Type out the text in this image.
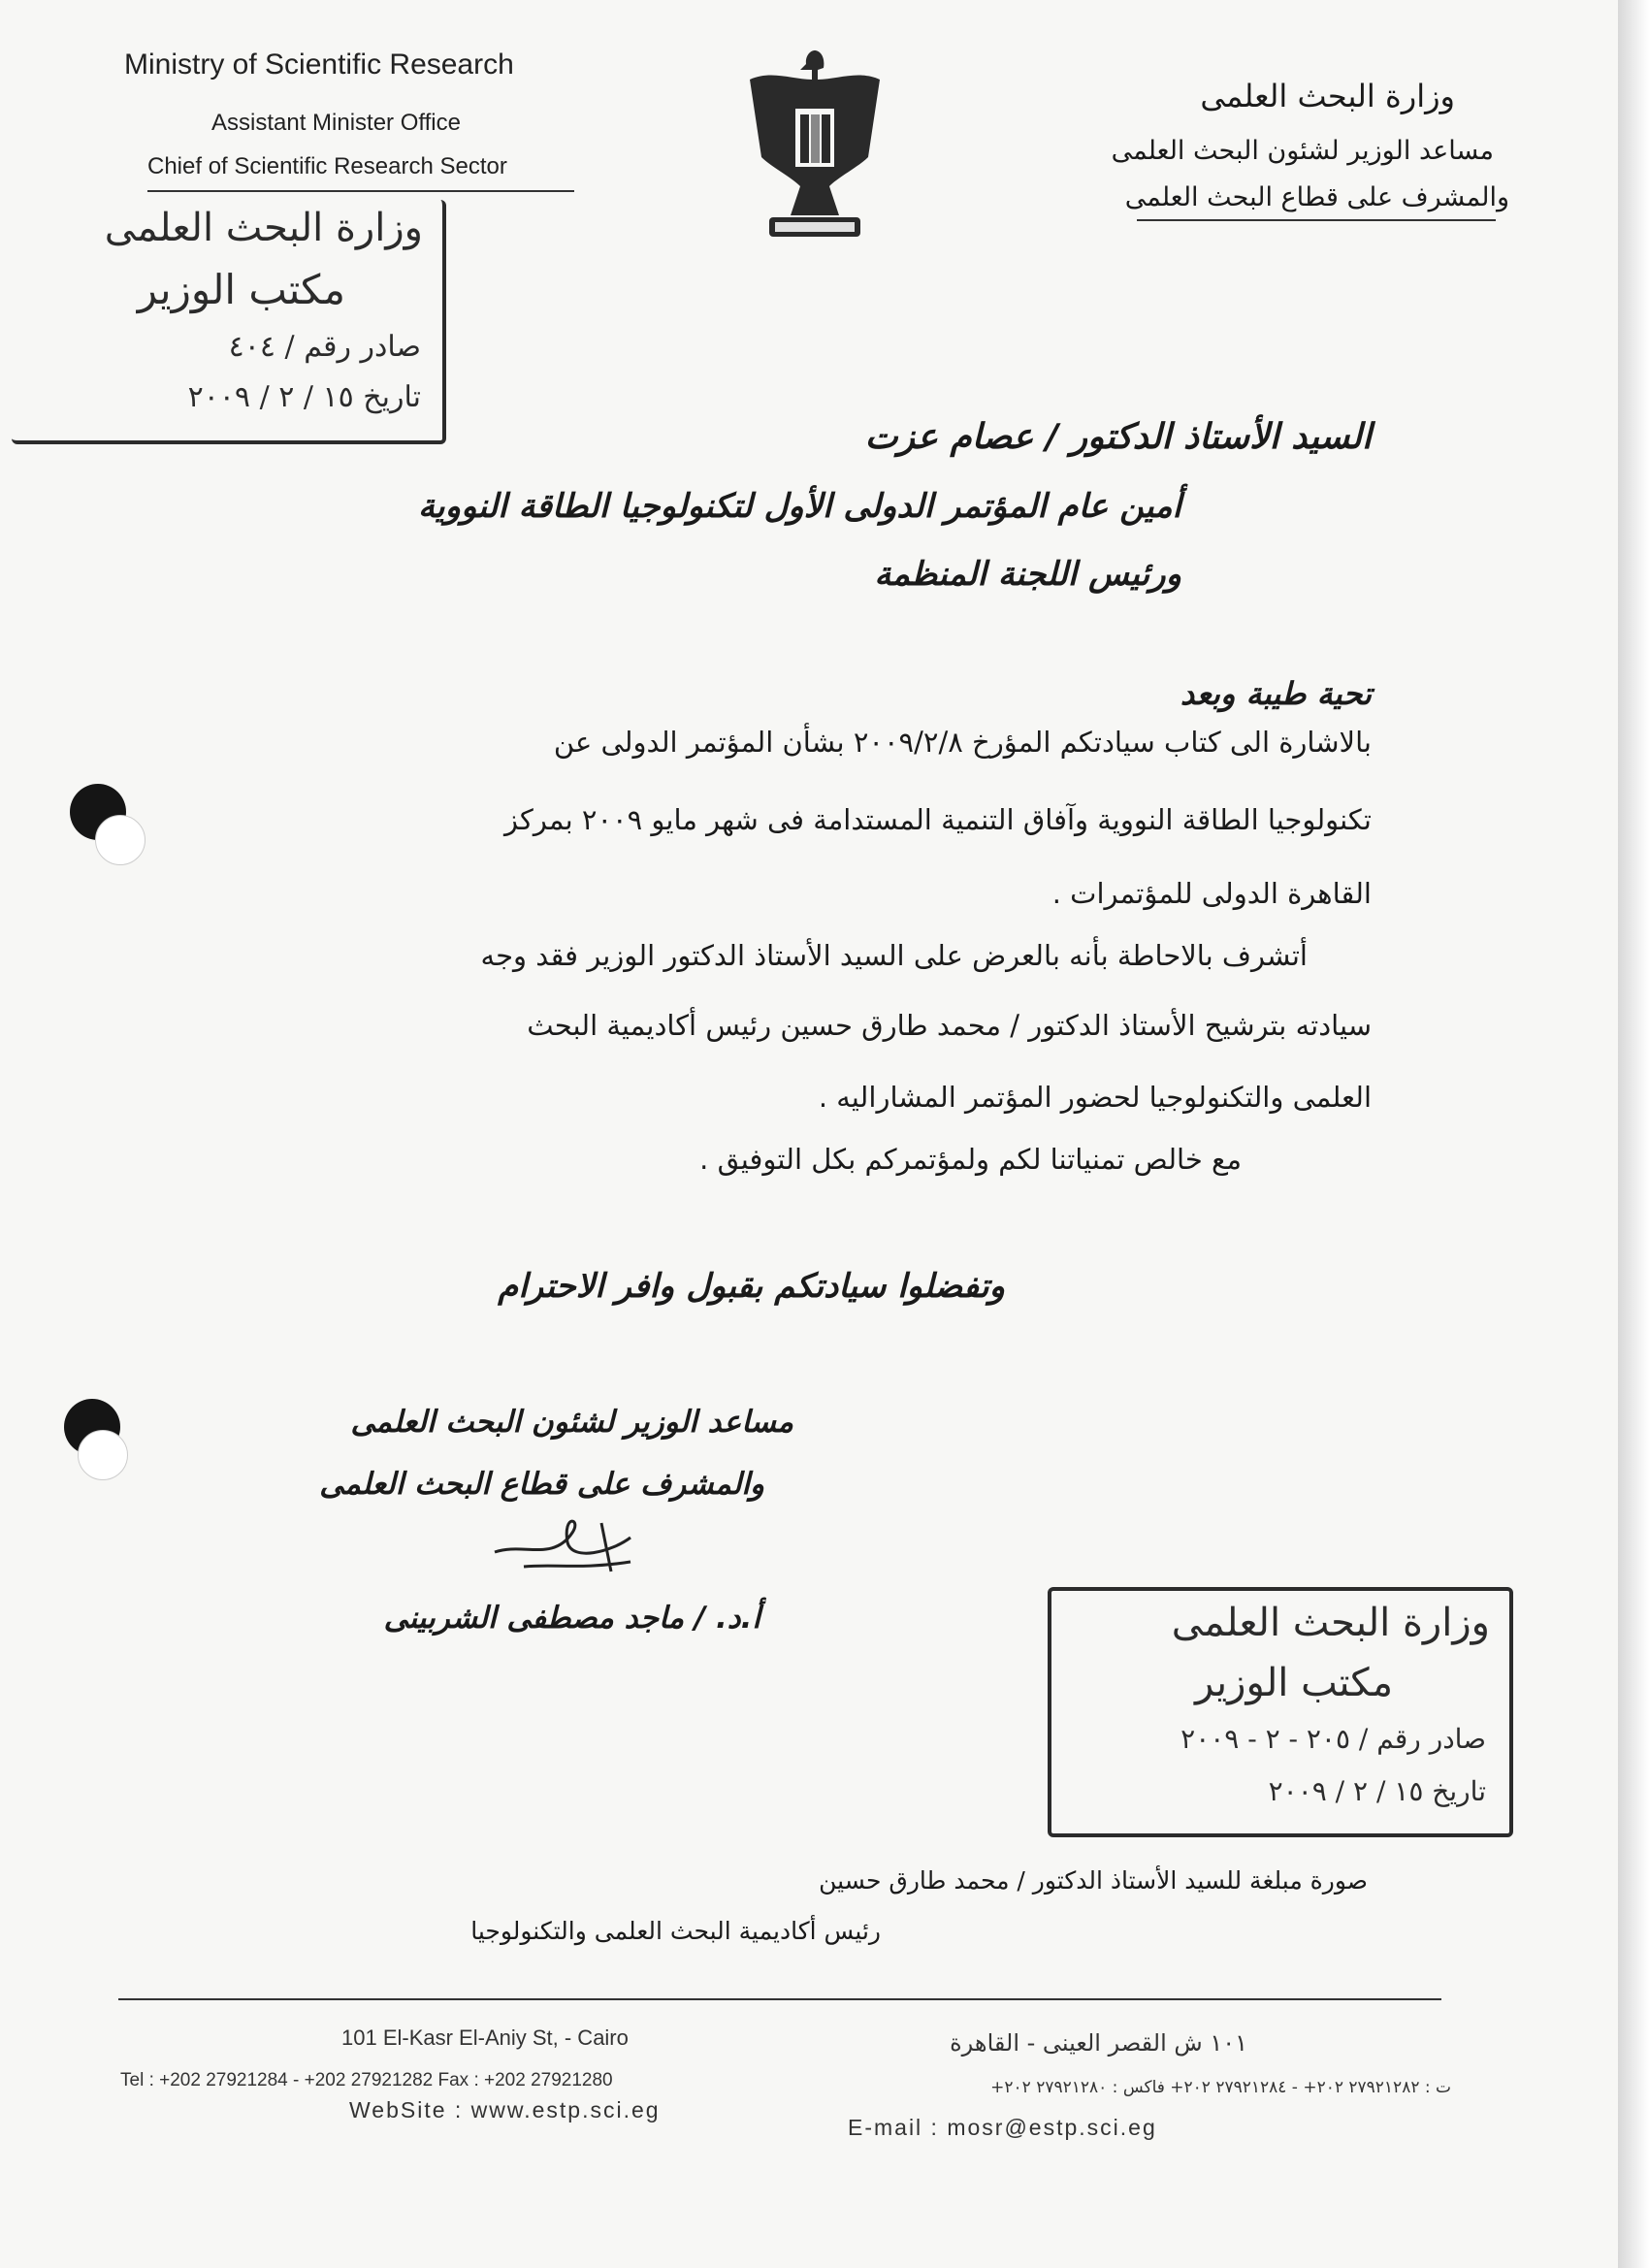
Ministry of Scientific Research
Assistant Minister Office
Chief of Scientific Research Sector
وزارة البحث العلمى
مساعد الوزير لشئون البحث العلمى
والمشرف على قطاع البحث العلمى
وزارة البحث العلمى
مكتب الوزير
صادر رقم / ٤٠٤
تاريخ ١٥ / ٢ / ٢٠٠٩
السيد الأستاذ الدكتور / عصام عزت
أمين عام المؤتمر الدولى الأول لتكنولوجيا الطاقة النووية
ورئيس اللجنة المنظمة
تحية طيبة وبعد
بالاشارة الى كتاب سيادتكم المؤرخ ٢٠٠٩/٢/٨ بشأن المؤتمر الدولى عن
تكنولوجيا الطاقة النووية وآفاق التنمية المستدامة فى شهر مايو ٢٠٠٩ بمركز
القاهرة الدولى للمؤتمرات .
أتشرف بالاحاطة بأنه بالعرض على السيد الأستاذ الدكتور الوزير فقد وجه
سيادته بترشيح الأستاذ الدكتور / محمد طارق حسين رئيس أكاديمية البحث
العلمى والتكنولوجيا لحضور المؤتمر المشاراليه .
مع خالص تمنياتنا لكم ولمؤتمركم بكل التوفيق .
وتفضلوا سيادتكم بقبول وافر الاحترام
مساعد الوزير لشئون البحث العلمى
والمشرف على قطاع البحث العلمى
أ.د. / ماجد مصطفى الشربينى	وزارة البحث العلمى
مكتب الوزير
صادر رقم / ٢٠٥ - ٢ - ٢٠٠٩
تاريخ ١٥ / ٢ / ٢٠٠٩
صورة مبلغة للسيد الأستاذ الدكتور / محمد طارق حسين
رئيس أكاديمية البحث العلمى والتكنولوجيا
101 El-Kasr El-Aniy St, - Cairo	١٠١ ش القصر العينى - القاهرة
Tel : +202 27921284 - +202 27921282 Fax : +202 27921280	ت : ٢٧٩٢١٢٨٢ ٢٠٢+ - ٢٧٩٢١٢٨٤ ٢٠٢+ فاكس : ٢٧٩٢١٢٨٠ ٢٠٢+
WebSite : www.estp.sci.eg
E-mail : mosr@estp.sci.eg
